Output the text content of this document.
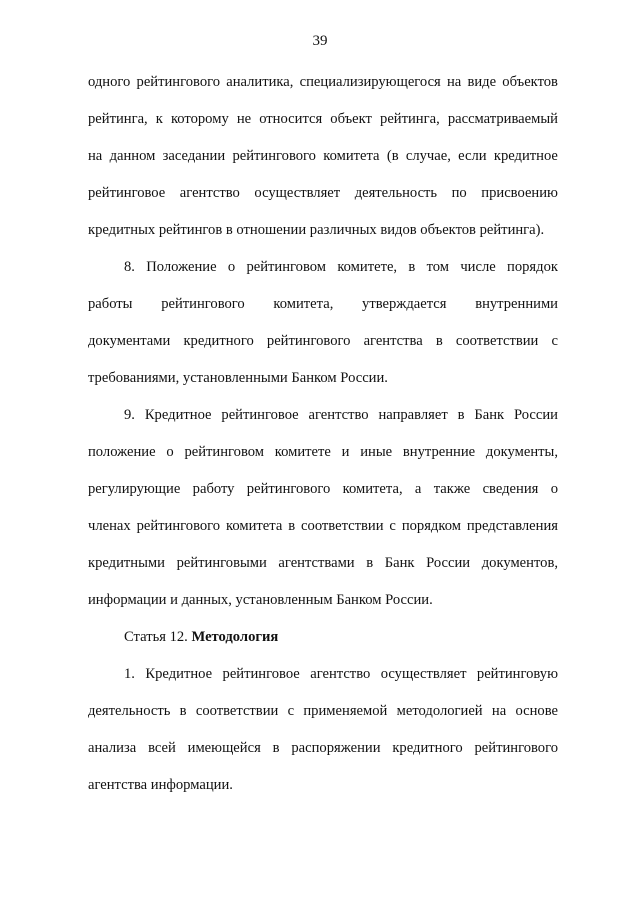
39
одного рейтингового аналитика, специализирующегося на виде объектов
рейтинга, к которому не относится объект рейтинга, рассматриваемый
на данном заседании рейтингового комитета (в случае, если кредитное
рейтинговое агентство осуществляет деятельность по присвоению
кредитных рейтингов в отношении различных видов объектов рейтинга).
8. Положение о рейтинговом комитете, в том числе порядок
работы рейтингового комитета, утверждается внутренними
документами кредитного рейтингового агентства в соответствии с
требованиями, установленными Банком России.
9. Кредитное рейтинговое агентство направляет в Банк России
положение о рейтинговом комитете и иные внутренние документы,
регулирующие работу рейтингового комитета, а также сведения о
членах рейтингового комитета в соответствии с порядком представления
кредитными рейтинговыми агентствами в Банк России документов,
информации и данных, установленным Банком России.
Статья 12. Методология
1. Кредитное рейтинговое агентство осуществляет рейтинговую
деятельность в соответствии с применяемой методологией на основе
анализа всей имеющейся в распоряжении кредитного рейтингового
агентства информации.
